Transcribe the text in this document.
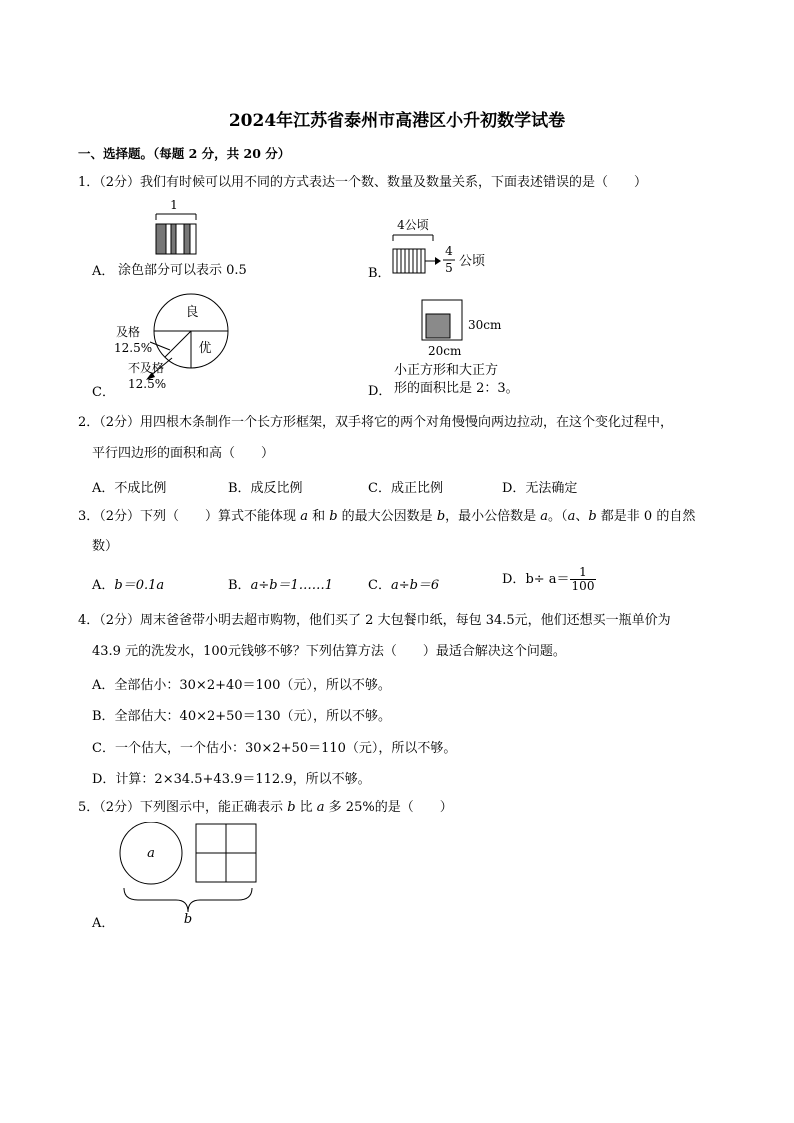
2024年江苏省泰州市高港区小升初数学试卷
一、选择题。（每题 2 分，共 20 分）
1．（2分）我们有时候可以用不同的方式表达一个数、数量及数量关系，下面表述错误的是（　　）
1
A． 涂色部分可以表示 0.5
4公顷
4
5 公顷
B．
良
优
及格
12.5%
不及格
C．
12.5%
30cm
20cm
小正方形和大正方
D． 形的面积比是 2：3。
2．（2分）用四根木条制作一个长方形框架，双手将它的两个对角慢慢向两边拉动，在这个变化过程中，
平行四边形的面积和高（　　）
A．不成比例	B．成反比例	C．成正比例	D．无法确定
3．（2分）下列（　　）算式不能体现 a 和 b 的最大公因数是 b，最小公倍数是 a。（a、b 都是非 0 的自然
数）
A．b＝0.1a	B．a÷b＝1……1	C．a÷b＝6	D．$b\div a= \frac{1}{100}$
4．（2分）周末爸爸带小明去超市购物，他们买了 2 大包餐巾纸，每包 34.5元，他们还想买一瓶单价为
43.9 元的洗发水，100元钱够不够？下列估算方法（　　）最适合解决这个问题。
A．全部估小：30×2+40＝100（元），所以不够。
B．全部估大：40×2+50＝130（元），所以不够。
C．一个估大，一个估小：30×2+50＝110（元），所以不够。
D．计算：2×34.5+43.9＝112.9，所以不够。
5．（2分）下列图示中，能正确表示 b 比 a 多 25%的是（　　）
a
b
A．
